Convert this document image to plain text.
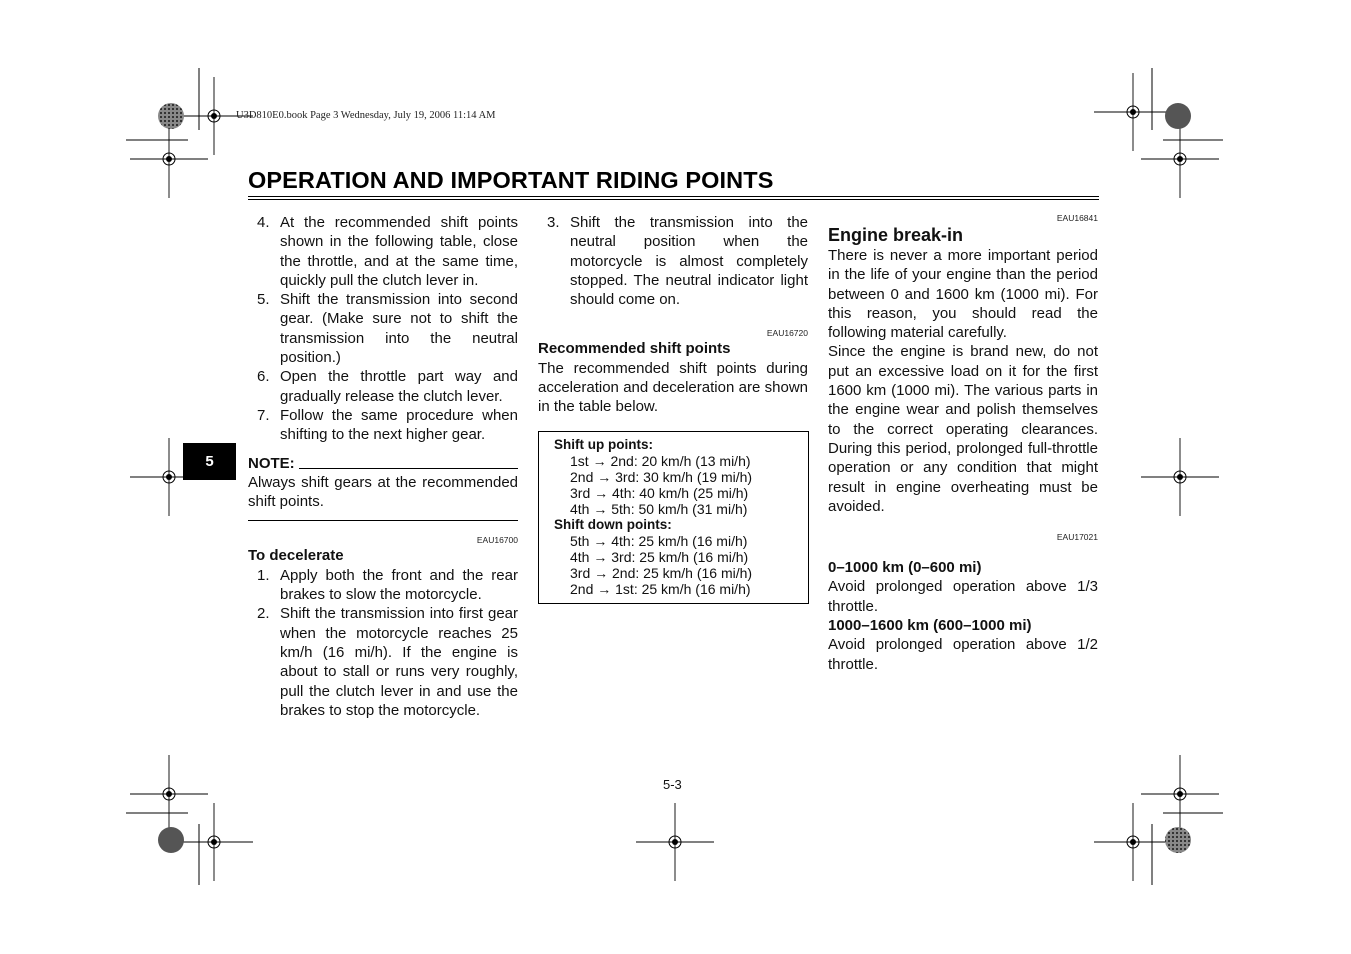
U3D810E0.book Page 3 Wednesday, July 19, 2006 11:14 AM
OPERATION AND IMPORTANT RIDING POINTS
5
4. At the recommended shift points shown in the following table, close the throttle, and at the same time, quickly pull the clutch lever in.
5. Shift the transmission into second gear. (Make sure not to shift the transmission into the neutral position.)
6. Open the throttle part way and gradually release the clutch lever.
7. Follow the same procedure when shifting to the next higher gear.
NOTE:
Always shift gears at the recommended shift points.
EAU16700
To decelerate
1. Apply both the front and the rear brakes to slow the motorcycle.
2. Shift the transmission into first gear when the motorcycle reaches 25 km/h (16 mi/h). If the engine is about to stall or runs very roughly, pull the clutch lever in and use the brakes to stop the motorcycle.
3. Shift the transmission into the neutral position when the motorcycle is almost completely stopped. The neutral indicator light should come on.
EAU16720
Recommended shift points
The recommended shift points during acceleration and deceleration are shown in the table below.
Shift up points:
1st → 2nd: 20 km/h (13 mi/h)
2nd → 3rd: 30 km/h (19 mi/h)
3rd → 4th: 40 km/h (25 mi/h)
4th → 5th: 50 km/h (31 mi/h)
Shift down points:
5th → 4th: 25 km/h (16 mi/h)
4th → 3rd: 25 km/h (16 mi/h)
3rd → 2nd: 25 km/h (16 mi/h)
2nd → 1st: 25 km/h (16 mi/h)
EAU16841
Engine break-in
There is never a more important period in the life of your engine than the period between 0 and 1600 km (1000 mi). For this reason, you should read the following material carefully.
Since the engine is brand new, do not put an excessive load on it for the first 1600 km (1000 mi). The various parts in the engine wear and polish themselves to the correct operating clearances. During this period, prolonged full-throttle operation or any condition that might result in engine overheating must be avoided.
EAU17021
0–1000 km (0–600 mi)
Avoid prolonged operation above 1/3 throttle.
1000–1600 km (600–1000 mi)
Avoid prolonged operation above 1/2 throttle.
5-3
